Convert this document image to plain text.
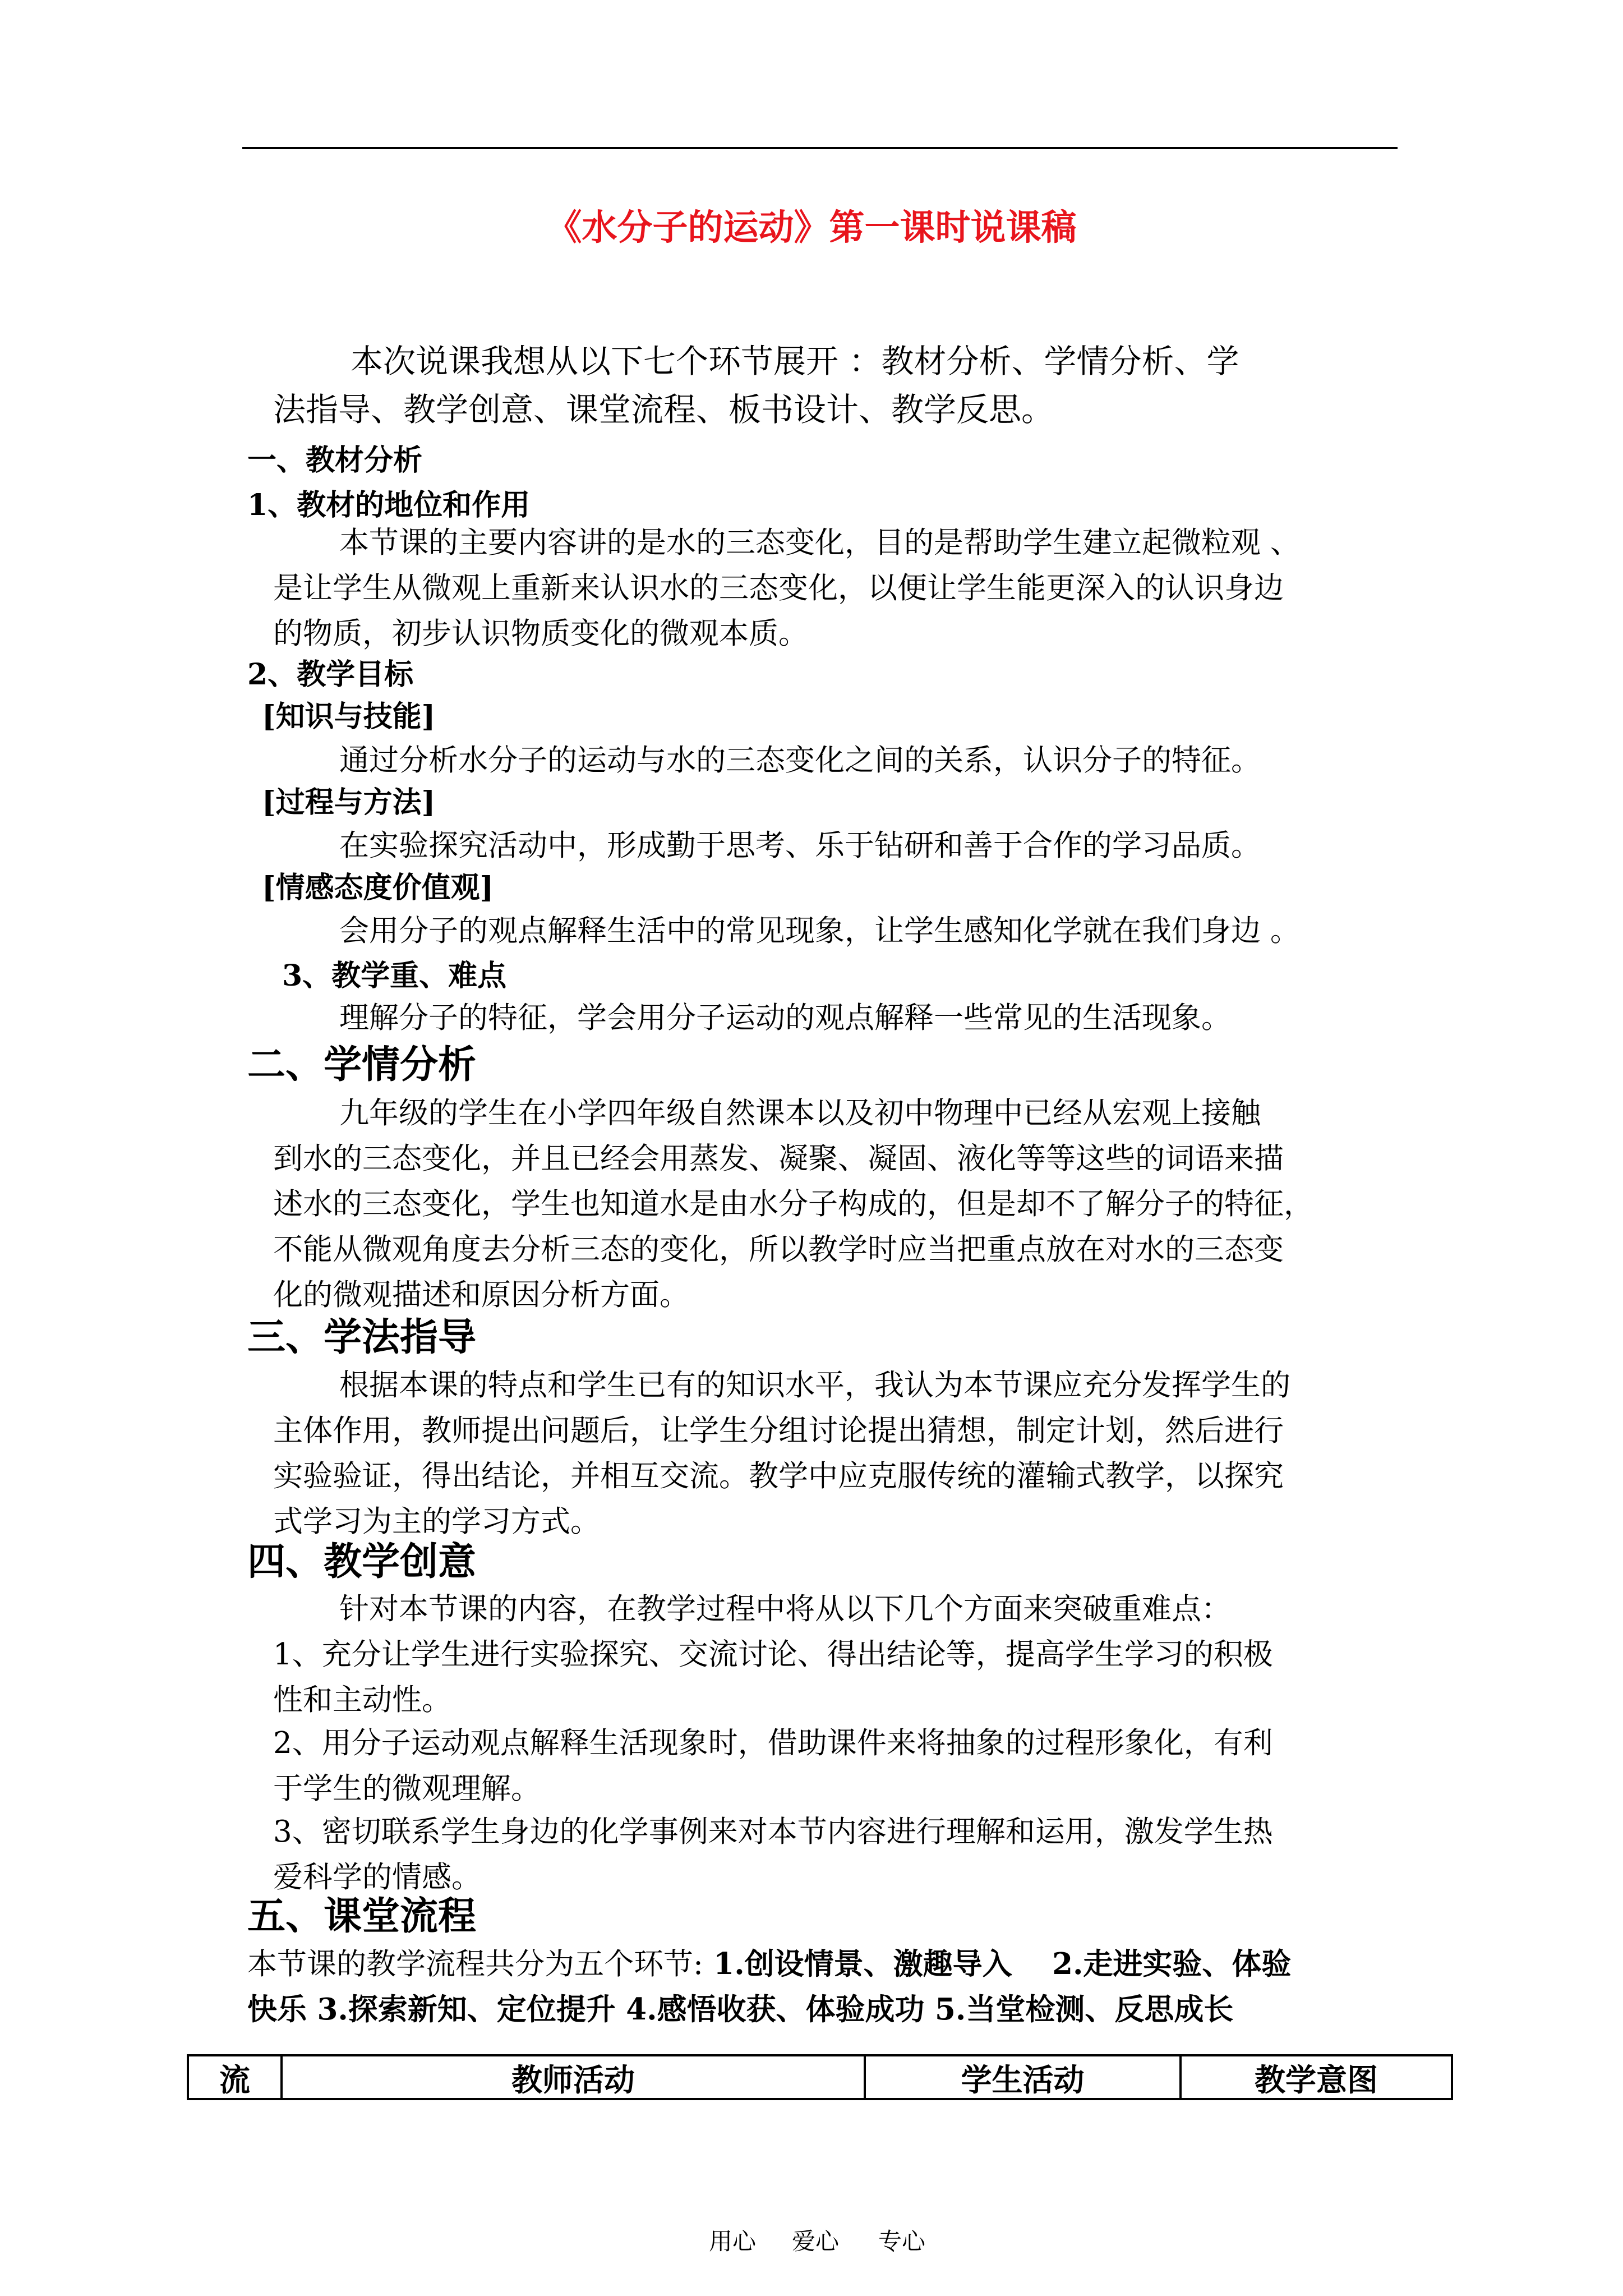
《水分子的运动》第一课时说课稿
本次说课我想从以下七个环节展开 ：教材分析、学情分析、学
法指导、教学创意、课堂流程、板书设计、教学反思。
一、教材分析
1、教材的地位和作用
本节课的主要内容讲的是水的三态变化，目的是帮助学生建立起微粒观 、
是让学生从微观上重新来认识水的三态变化，以便让学生能更深入的认识身边
的物质，初步认识物质变化的微观本质。
2、教学目标
[知识与技能]
通过分析水分子的运动与水的三态变化之间的关系，认识分子的特征。
[过程与方法]
在实验探究活动中，形成勤于思考、乐于钻研和善于合作的学习品质。
[情感态度价值观]
会用分子的观点解释生活中的常见现象，让学生感知化学就在我们身边 。
3、教学重、难点
理解分子的特征，学会用分子运动的观点解释一些常见的生活现象。
二、学情分析
九年级的学生在小学四年级自然课本以及初中物理中已经从宏观上接触
到水的三态变化，并且已经会用蒸发、凝聚、凝固、液化等等这些的词语来描
述水的三态变化，学生也知道水是由水分子构成的，但是却不了解分子的特征，
不能从微观角度去分析三态的变化，所以教学时应当把重点放在对水的三态变
化的微观描述和原因分析方面。
三、学法指导
根据本课的特点和学生已有的知识水平，我认为本节课应充分发挥学生的
主体作用，教师提出问题后，让学生分组讨论提出猜想，制定计划，然后进行
实验验证，得出结论，并相互交流。教学中应克服传统的灌输式教学，以探究
式学习为主的学习方式。
四、教学创意
针对本节课的内容，在教学过程中将从以下几个方面来突破重难点：
1、充分让学生进行实验探究、交流讨论、得出结论等，提高学生学习的积极
性和主动性。
2、用分子运动观点解释生活现象时，借助课件来将抽象的过程形象化，有利
于学生的微观理解。
3、密切联系学生身边的化学事例来对本节内容进行理解和运用，激发学生热
爱科学的情感。
五、课堂流程
本节课的教学流程共分为五个环节: 1.创设情景、激趣导入　 2.走进实验、体验
快乐 3.探索新知、定位提升 4.感悟收获、体验成功 5.当堂检测、反思成长
流	教师活动	学生活动	教学意图
用心 爱心 专心
